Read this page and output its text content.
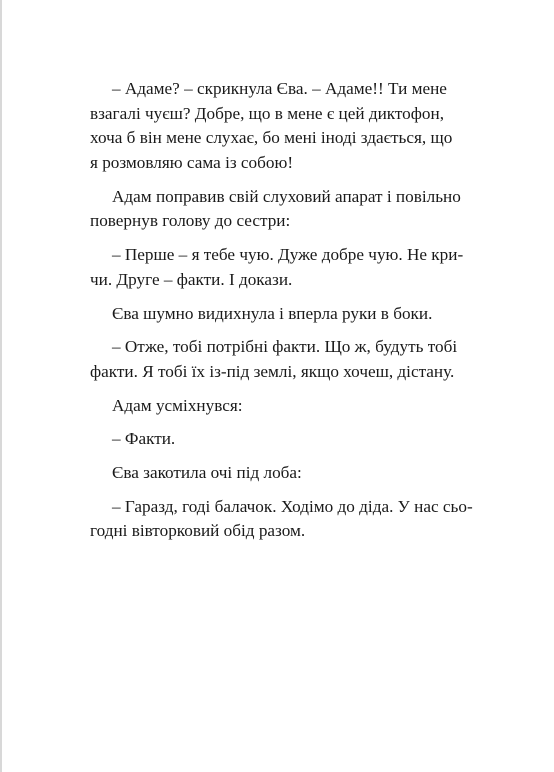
– Адаме? – скрикнула Єва. – Адаме!! Ти мене
взагалі чуєш? Добре, що в мене є цей диктофон,
хоча б він мене слухає, бо мені іноді здається, що
я розмовляю сама із собою!
Адам поправив свій слуховий апарат і повільно
повернув голову до сестри:
– Перше – я тебе чую. Дуже добре чую. Не кри-
чи. Друге – факти. І докази.
Єва шумно видихнула і вперла руки в боки.
– Отже, тобі потрібні факти. Що ж, будуть тобі
факти. Я тобі їх із-під землі, якщо хочеш, дістану.
Адам усміхнувся:
– Факти.
Єва закотила очі під лоба:
– Гаразд, годі балачок. Ходімо до діда. У нас сьо-
годні вівторковий обід разом.
